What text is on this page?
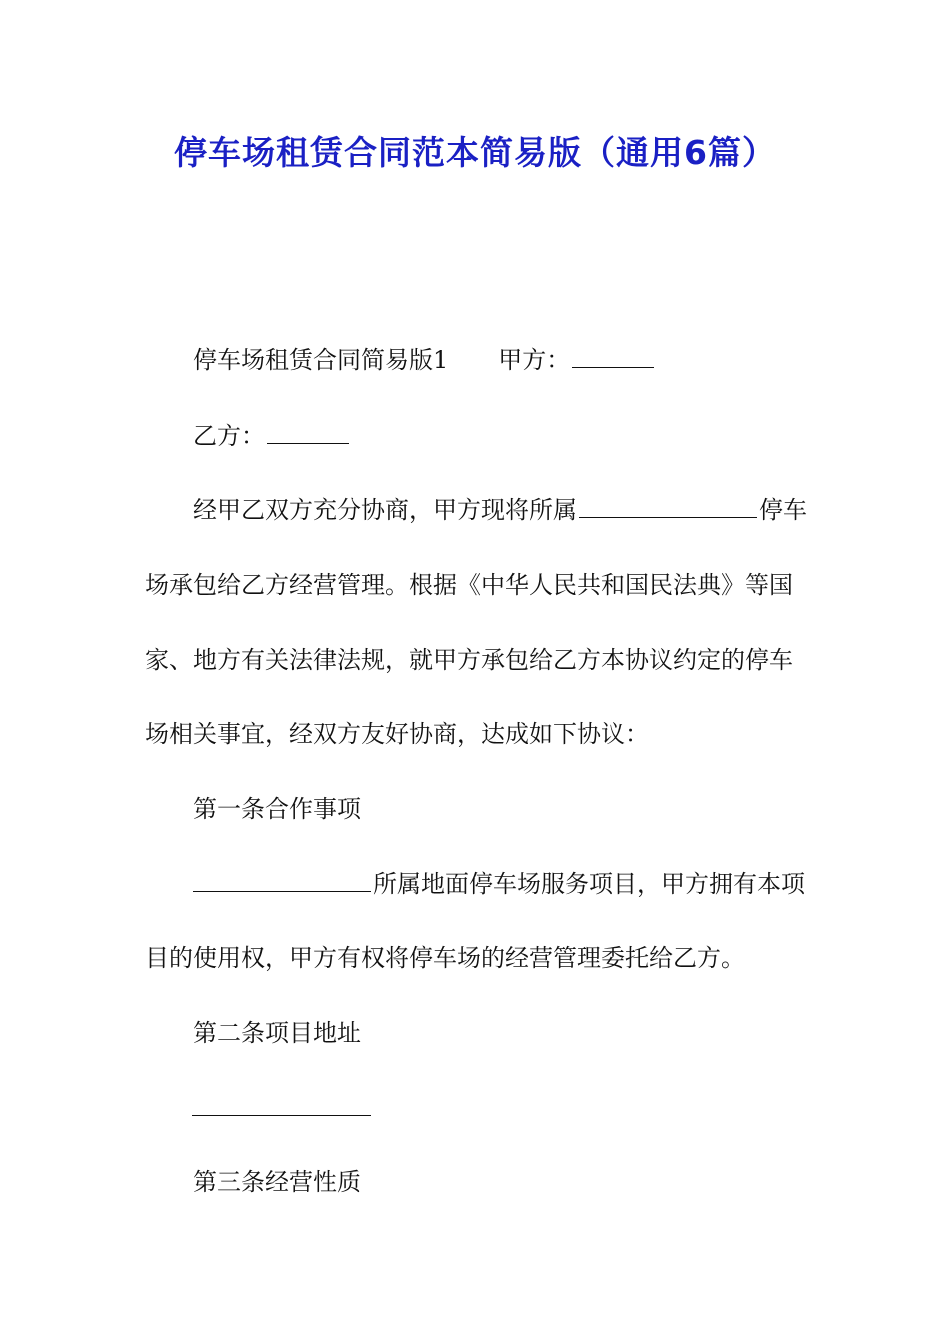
停车场租赁合同范本简易版（通用6篇）
停车场租赁合同简易版1 甲方：
乙方：
经甲乙双方充分协商，甲方现将所属	停车
场承包给乙方经营管理。根据《中华人民共和国民法典》等国
家、地方有关法律法规，就甲方承包给乙方本协议约定的停车
场相关事宜，经双方友好协商，达成如下协议：
第一条合作事项
所属地面停车场服务项目，甲方拥有本项
目的使用权，甲方有权将停车场的经营管理委托给乙方。
第二条项目地址
第三条经营性质
